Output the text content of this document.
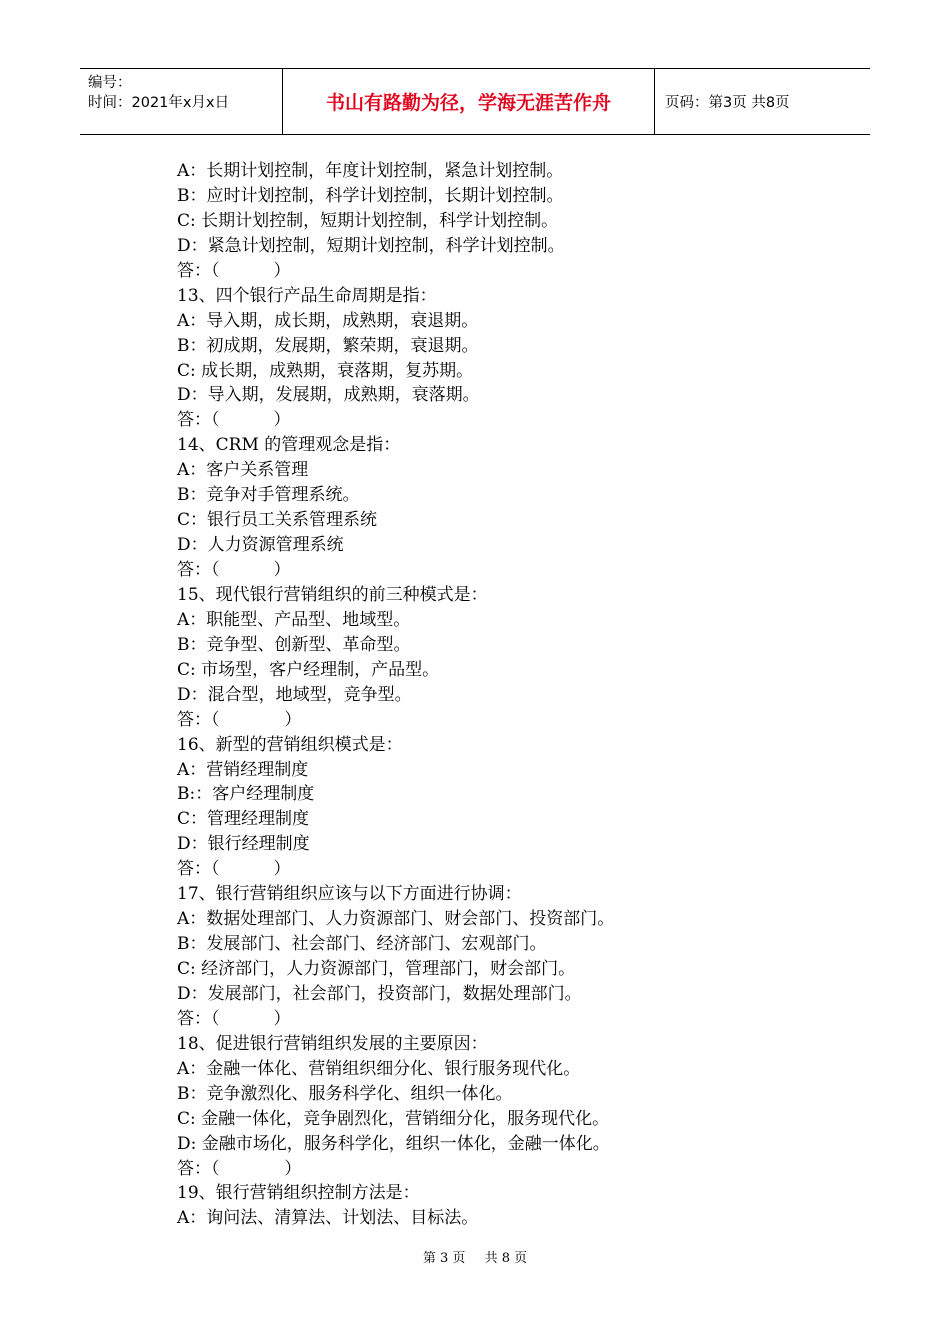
编号：
时间：2021年x月x日	书山有路勤为径，学海无涯苦作舟	页码：第3页 共8页
A：长期计划控制，年度计划控制，紧急计划控制。
B：应时计划控制，科学计划控制，长期计划控制。
C: 长期计划控制，短期计划控制，科学计划控制。
D：紧急计划控制，短期计划控制，科学计划控制。
答：（          ）
13、四个银行产品生命周期是指：
A：导入期，成长期，成熟期，衰退期。
B：初成期，发展期，繁荣期，衰退期。
C: 成长期，成熟期，衰落期，复苏期。
D：导入期，发展期，成熟期，衰落期。
答：（          ）
14、CRM 的管理观念是指：
A：客户关系管理
B：竞争对手管理系统。
C：银行员工关系管理系统
D：人力资源管理系统
答：（          ）
15、现代银行营销组织的前三种模式是：
A：职能型、产品型、地域型。
B：竞争型、创新型、革命型。
C: 市场型，客户经理制，产品型。
D：混合型，地域型，竞争型。
答：（            ）
16、新型的营销组织模式是：
A：营销经理制度
B:：客户经理制度
C：管理经理制度
D：银行经理制度
答：（          ）
17、银行营销组织应该与以下方面进行协调：
A：数据处理部门、人力资源部门、财会部门、投资部门。
B：发展部门、社会部门、经济部门、宏观部门。
C: 经济部门，人力资源部门，管理部门，财会部门。
D：发展部门，社会部门，投资部门，数据处理部门。
答：（          ）
18、促进银行营销组织发展的主要原因：
A：金融一体化、营销组织细分化、银行服务现代化。
B：竞争激烈化、服务科学化、组织一体化。
C: 金融一体化，竞争剧烈化，营销细分化，服务现代化。
D: 金融市场化，服务科学化，组织一体化，金融一体化。
答：（            ）
19、银行营销组织控制方法是：
A：询问法、清算法、计划法、目标法。
第 3 页 共 8 页
